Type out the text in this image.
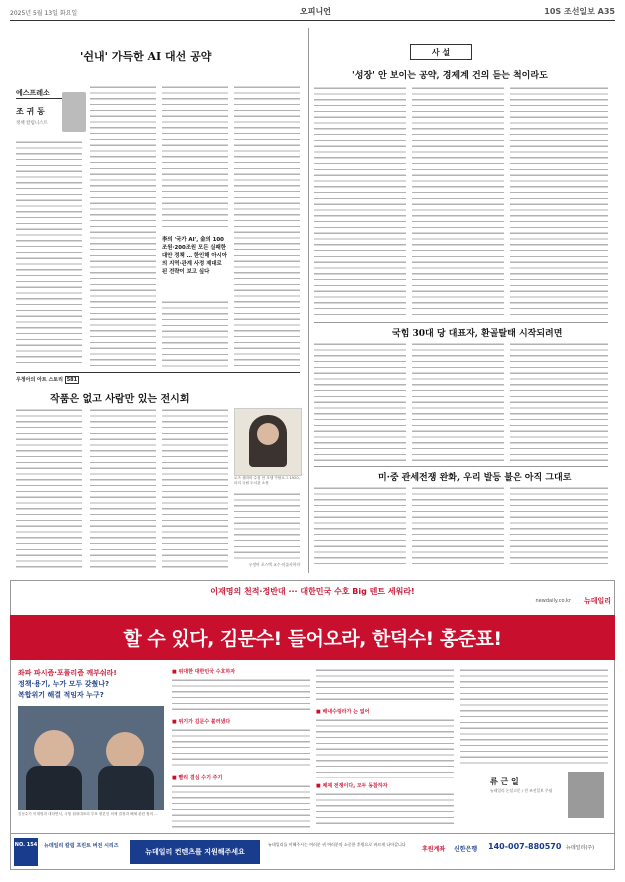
2025년 5월 13일 화요일	오피니언	10S 조선일보 A35
'쉰내' 가득한 AI 대선 공약
에스프레소
조 귀 동
정책 칼럼니스트
李의 '국가 AI', 金의 100조원·200조원 모든 실패한 대안 정책 … 한인해 아시아의 지역·관계 사정 제대로 된 전략이 보고 싶다
우정아의 아트 스토리 581
작품은 없고 사람만 있는 전시회
로즈 셀라비 수집 안 모델 카탈로그 1920, 파리 국립 도서관 소장
우정아 포스텍 교수·미술사학자
사 설
'성장' 안 보이는 공약, 경제계 건의 듣는 척이라도
국힘 30대 당 대표자, 환골탈태 시작되려면
미·중 관세전쟁 완화, 우리 발등 불은 아직 그대로
이재명의 천적·정반대 ··· 대한민국 수호 Big 텐트 세워라!
newdaily.co.kr 뉴데일리
할 수 있다, 김문수! 들어오라, 한덕수! 홍준표!
좌파 파시즘·포퓰리즘 깨부숴라!
정책·용기, 누가 모두 갖췄나?
복합위기 해결 적임자 누구?
김문수가 이재명과 대하면서, 국힘 원내대표의 투표 변론인 의제 결정과 해체 관련 합의 ...
■ 위대한 대한민국 수호하자
■ 위기가 김문수 불러냈다
■ 빨리 결심 수기 주기
■ 배내수렁라가 는 없어
■ 체제 전쟁이다, 모두 동참하자	류 근 일
뉴데일리 논설고문 / 전 조선일보 주필
NO. 154 뉴데일리 칼럼 프린트 버전 시리즈
뉴데일리 컨텐츠를 지원해주세요
뉴데일리를 이해주시는 여러분 귀 여러분의 소중한 후원으로 바르게 나아갑니다
후원계좌 신한은행 140-007-880570 뉴데일리(주)
